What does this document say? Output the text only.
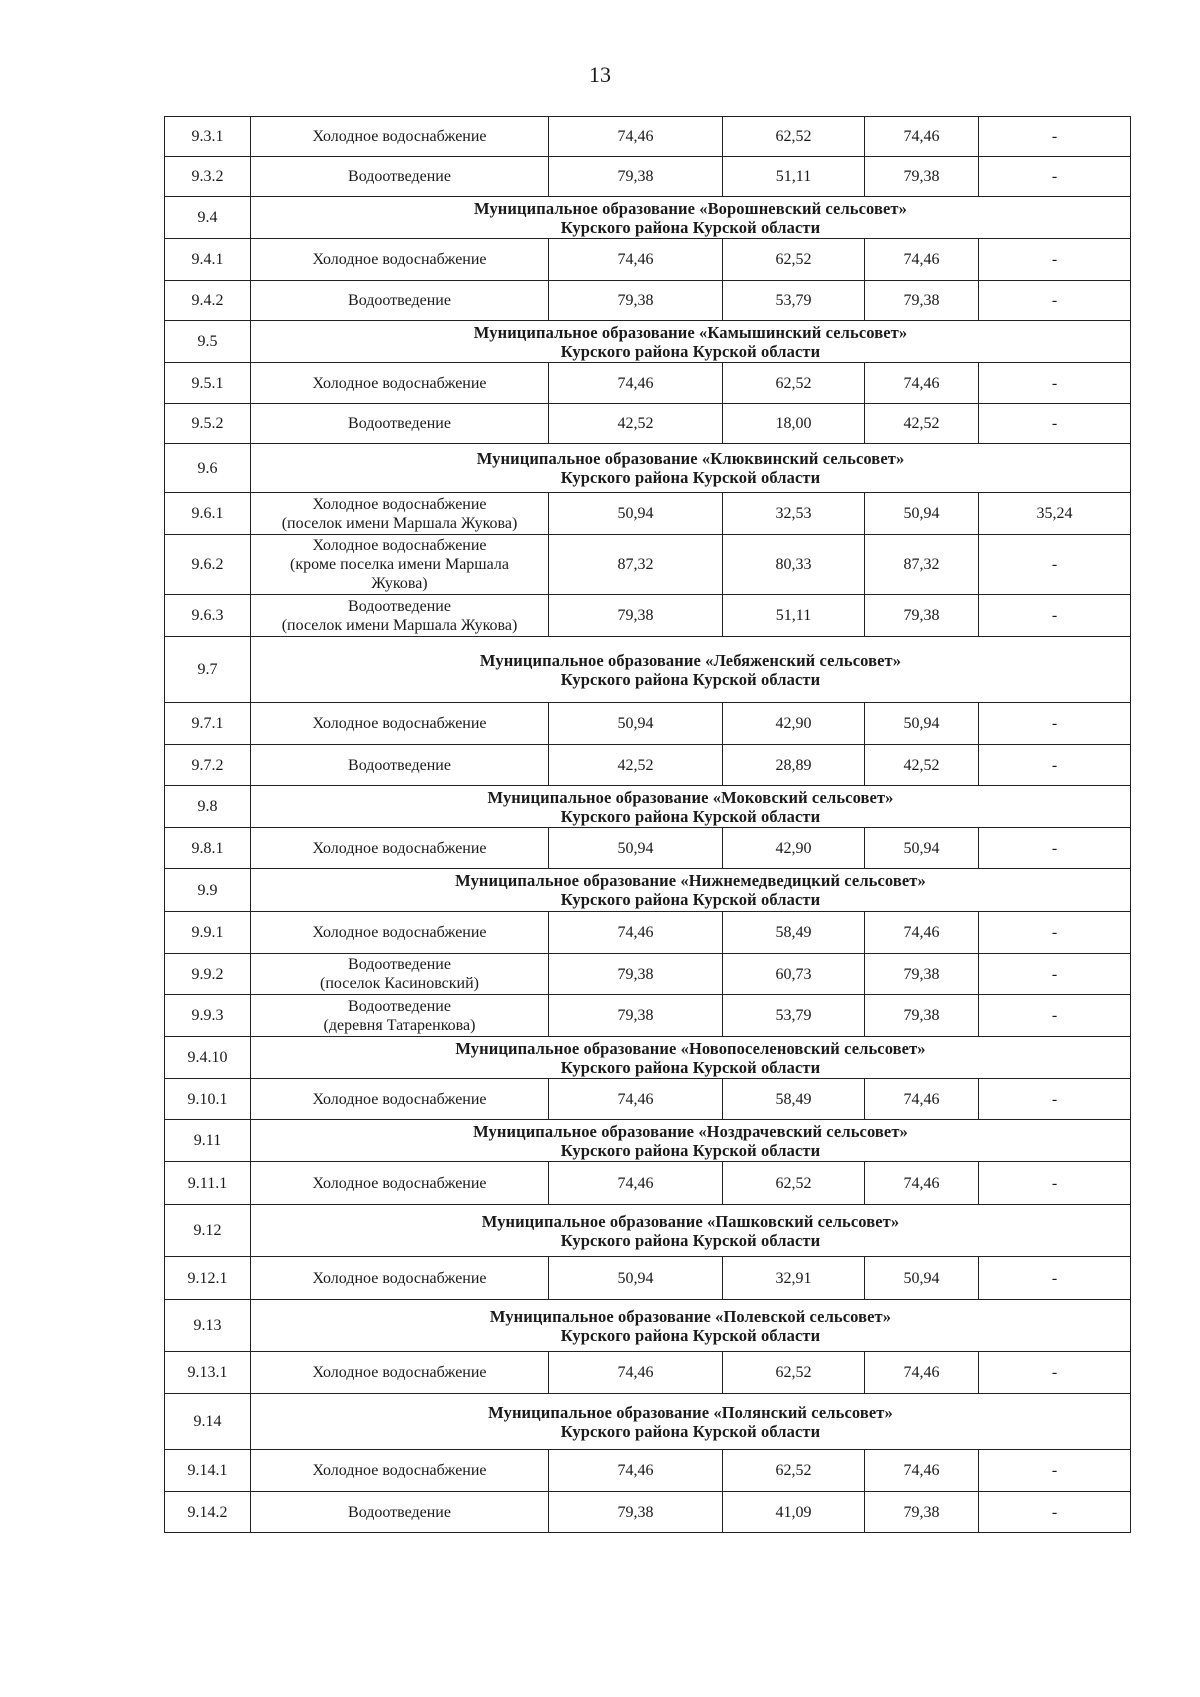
13
9.3.1	Холодное водоснабжение	74,46	62,52	74,46	-
9.3.2	Водоотведение	79,38	51,11	79,38	-
9.4	Муниципальное образование «Ворошневский сельсовет»
Курского района Курской области				

9.4.1	Холодное водоснабжение	74,46	62,52	74,46	-
9.4.2	Водоотведение	79,38	53,79	79,38	-
9.5	Муниципальное образование «Камышинский сельсовет»
Курского района Курской области				

9.5.1	Холодное водоснабжение	74,46	62,52	74,46	-
9.5.2	Водоотведение	42,52	18,00	42,52	-
9.6	Муниципальное образование «Клюквинский сельсовет»
Курского района Курской области				

9.6.1	Холодное водоснабжение
(поселок имени Маршала Жукова)	50,94	32,53	50,94	35,24
9.6.2	Холодное водоснабжение
(кроме поселка имени Маршала
Жукова)	87,32	80,33	87,32	-
9.6.3	Водоотведение
(поселок имени Маршала Жукова)	79,38	51,11	79,38	-
9.7	Муниципальное образование «Лебяженский сельсовет»
Курского района Курской области				

9.7.1	Холодное водоснабжение	50,94	42,90	50,94	-
9.7.2	Водоотведение	42,52	28,89	42,52	-
9.8	Муниципальное образование «Моковский сельсовет»
Курского района Курской области				

9.8.1	Холодное водоснабжение	50,94	42,90	50,94	-
9.9	Муниципальное образование «Нижнемедведицкий сельсовет»
Курского района Курской области				

9.9.1	Холодное водоснабжение	74,46	58,49	74,46	-
9.9.2	Водоотведение
(поселок Касиновский)	79,38	60,73	79,38	-
9.9.3	Водоотведение
(деревня Татаренкова)	79,38	53,79	79,38	-
9.4.10	Муниципальное образование «Новопоселеновский сельсовет»
Курского района Курской области				

9.10.1	Холодное водоснабжение	74,46	58,49	74,46	-
9.11	Муниципальное образование «Ноздрачевский сельсовет»
Курского района Курской области				

9.11.1	Холодное водоснабжение	74,46	62,52	74,46	-
9.12	Муниципальное образование «Пашковский сельсовет»
Курского района Курской области				

9.12.1	Холодное водоснабжение	50,94	32,91	50,94	-
9.13	Муниципальное образование «Полевской сельсовет»
Курского района Курской области				

9.13.1	Холодное водоснабжение	74,46	62,52	74,46	-
9.14	Муниципальное образование «Полянский сельсовет»
Курского района Курской области				

9.14.1	Холодное водоснабжение	74,46	62,52	74,46	-
9.14.2	Водоотведение	79,38	41,09	79,38	-
